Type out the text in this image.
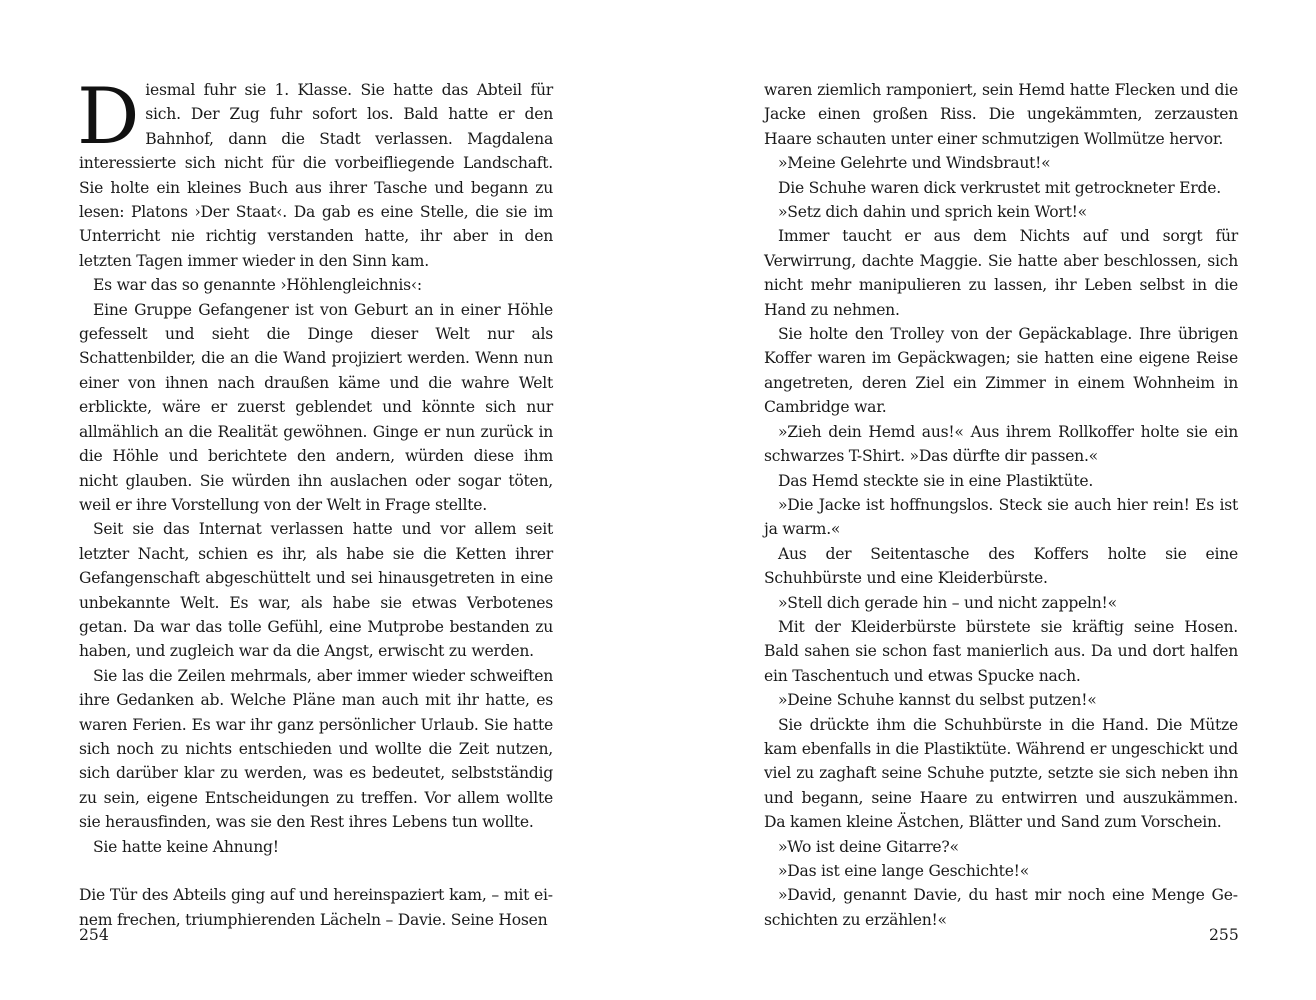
Diesmal fuhr sie 1. Klasse. Sie hatte das Abteil für sich. Der Zug fuhr sofort los. Bald hatte er den Bahnhof, dann die Stadt verlassen. Magdalena interessierte sich nicht für die vorbeifliegende Landschaft. Sie holte ein kleines Buch aus ihrer Tasche und begann zu lesen: Platons ›Der Staat‹. Da gab es eine Stelle, die sie im Unterricht nie richtig verstanden hatte, ihr aber in den letzten Tagen immer wieder in den Sinn kam.

Es war das so genannte ›Höhlengleichnis‹:

Eine Gruppe Gefangener ist von Geburt an in einer Höhle gefesselt und sieht die Dinge dieser Welt nur als Schattenbilder, die an die Wand projiziert werden. Wenn nun einer von ihnen nach draußen käme und die wahre Welt erblickte, wäre er zuerst geblendet und könnte sich nur allmählich an die Realität gewöhnen. Ginge er nun zurück in die Höhle und berichtete den andern, würden diese ihm nicht glauben. Sie würden ihn auslachen oder sogar töten, weil er ihre Vorstellung von der Welt in Frage stellte.

Seit sie das Internat verlassen hatte und vor allem seit letzter Nacht, schien es ihr, als habe sie die Ketten ihrer Gefangenschaft abgeschüttelt und sei hinausgetreten in eine unbekannte Welt. Es war, als habe sie etwas Verbotenes getan. Da war das tolle Gefühl, eine Mutprobe bestanden zu haben, und zugleich war da die Angst, erwischt zu werden.

Sie las die Zeilen mehrmals, aber immer wieder schweiften ihre Gedanken ab. Welche Pläne man auch mit ihr hatte, es waren Ferien. Es war ihr ganz persönlicher Urlaub. Sie hatte sich noch zu nichts entschieden und wollte die Zeit nutzen, sich darüber klar zu werden, was es bedeutet, selbstständig zu sein, eigene Entscheidungen zu treffen. Vor allem wollte sie herausfinden, was sie den Rest ihres Lebens tun wollte.

Sie hatte keine Ahnung!

Die Tür des Abteils ging auf und hereinspaziert kam, – mit einem frechen, triumphierenden Lächeln – Davie. Seine Hosen

254

waren ziemlich ramponiert, sein Hemd hatte Flecken und die Jacke einen großen Riss. Die ungekämmten, zerzausten Haare schauten unter einer schmutzigen Wollmütze hervor.

»Meine Gelehrte und Windsbraut!«

Die Schuhe waren dick verkrustet mit getrockneter Erde.

»Setz dich dahin und sprich kein Wort!«

Immer taucht er aus dem Nichts auf und sorgt für Verwirrung, dachte Maggie. Sie hatte aber beschlossen, sich nicht mehr manipulieren zu lassen, ihr Leben selbst in die Hand zu nehmen.

Sie holte den Trolley von der Gepäckablage. Ihre übrigen Koffer waren im Gepäckwagen; sie hatten eine eigene Reise angetreten, deren Ziel ein Zimmer in einem Wohnheim in Cambridge war.

»Zieh dein Hemd aus!« Aus ihrem Rollkoffer holte sie ein schwarzes T-Shirt. »Das dürfte dir passen.«

Das Hemd steckte sie in eine Plastiktüte.

»Die Jacke ist hoffnungslos. Steck sie auch hier rein! Es ist ja warm.«

Aus der Seitentasche des Koffers holte sie eine Schuhbürste und eine Kleiderbürste.

»Stell dich gerade hin – und nicht zappeln!«

Mit der Kleiderbürste bürstete sie kräftig seine Hosen. Bald sahen sie schon fast manierlich aus. Da und dort halfen ein Taschentuch und etwas Spucke nach.

»Deine Schuhe kannst du selbst putzen!«

Sie drückte ihm die Schuhbürste in die Hand. Die Mütze kam ebenfalls in die Plastiktüte. Während er ungeschickt und viel zu zaghaft seine Schuhe putzte, setzte sie sich neben ihn und begann, seine Haare zu entwirren und auszukämmen. Da kamen kleine Ästchen, Blätter und Sand zum Vorschein.

»Wo ist deine Gitarre?«

»Das ist eine lange Geschichte!«

»David, genannt Davie, du hast mir noch eine Menge Geschichten zu erzählen!«

255
